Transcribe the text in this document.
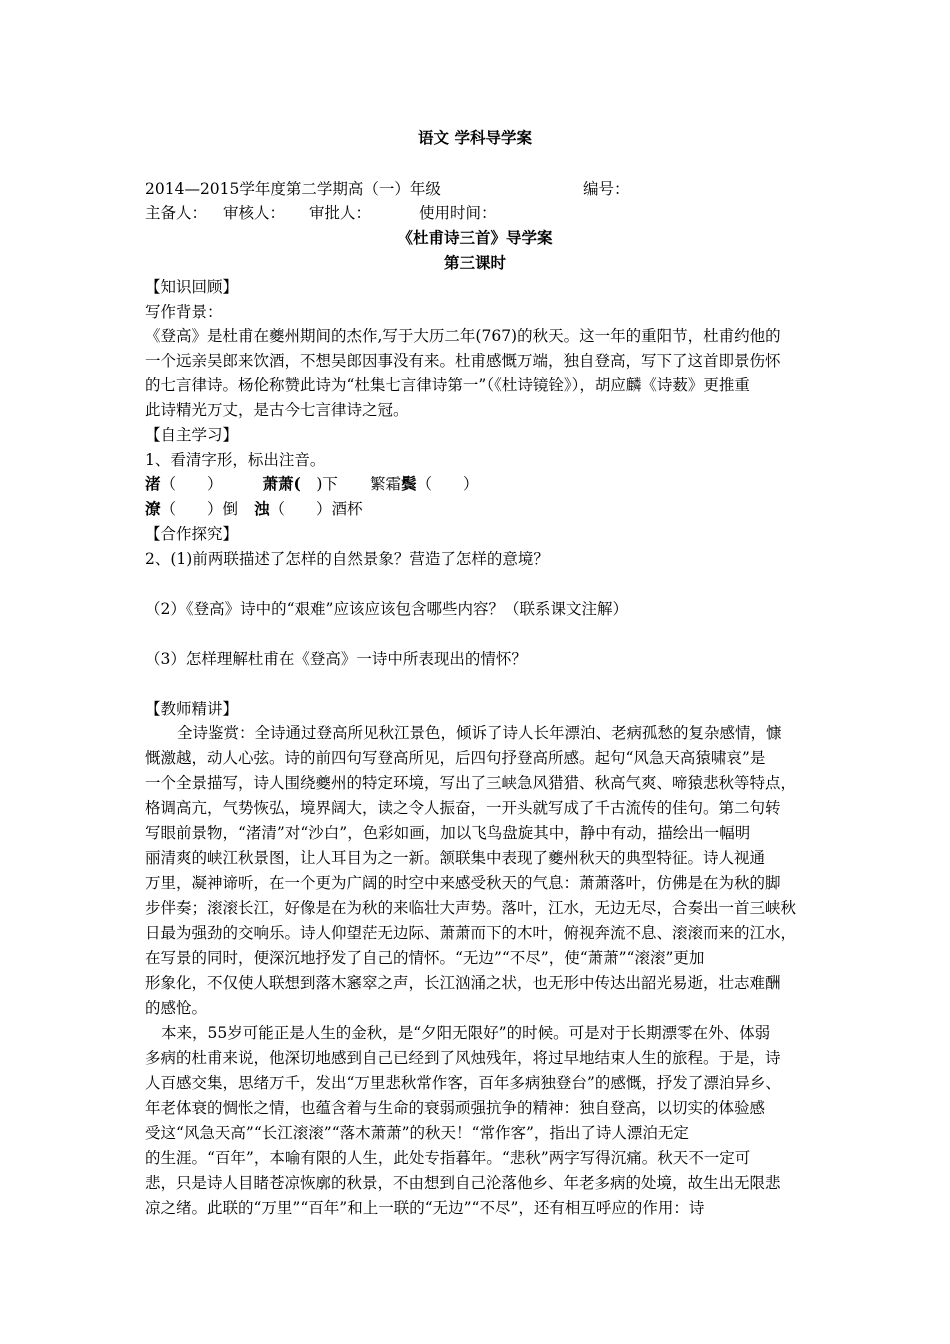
语文 学科导学案
2014—2015学年度第二学期高（一）年级	编号：
主备人： 审核人： 审批人：	使用时间：
《杜甫诗三首》导学案
第三课时
【知识回顾】
写作背景：
《登高》是杜甫在夔州期间的杰作,写于大历二年(767)的秋天。这一年的重阳节，杜甫约他的
一个远亲吴郎来饮酒，不想吴郎因事没有来。杜甫感慨万端，独自登高，写下了这首即景伤怀
的七言律诗。杨伦称赞此诗为“杜集七言律诗第一”（《杜诗镜铨》），胡应麟《诗薮》更推重
此诗精光万丈，是古今七言律诗之冠。
【自主学习】
1、看清字形，标出注音。
渚（　　）	萧萧(　)下 繁霜鬓（　　）
潦（　　）倒 浊（　　）酒杯
【合作探究】
2、(1)前两联描述了怎样的自然景象？营造了怎样的意境？
（2）《登高》诗中的“艰难”应该应该包含哪些内容？（联系课文注解）
（3）怎样理解杜甫在《登高》一诗中所表现出的情怀？
【教师精讲】
全诗鉴赏：全诗通过登高所见秋江景色，倾诉了诗人长年漂泊、老病孤愁的复杂感情，慷
慨激越，动人心弦。诗的前四句写登高所见，后四句抒登高所感。起句“风急天高猿啸哀”是
一个全景描写，诗人围绕夔州的特定环境，写出了三峡急风猎猎、秋高气爽、啼猿悲秋等特点，
格调高亢，气势恢弘，境界阔大，读之令人振奋，一开头就写成了千古流传的佳句。第二句转
写眼前景物，“渚清”对“沙白”，色彩如画，加以飞鸟盘旋其中，静中有动，描绘出一幅明
丽清爽的峡江秋景图，让人耳目为之一新。颔联集中表现了夔州秋天的典型特征。诗人视通
万里，凝神谛听，在一个更为广阔的时空中来感受秋天的气息：萧萧落叶，仿佛是在为秋的脚
步伴奏；滚滚长江，好像是在为秋的来临壮大声势。落叶，江水，无边无尽，合奏出一首三峡秋
日最为强劲的交响乐。诗人仰望茫无边际、萧萧而下的木叶，俯视奔流不息、滚滚而来的江水，
在写景的同时，便深沉地抒发了自己的情怀。“无边”“不尽”，使“萧萧”“滚滚”更加
形象化，不仅使人联想到落木窸窣之声，长江汹涌之状，也无形中传达出韶光易逝，壮志难酬
的感怆。
本来，55岁可能正是人生的金秋，是“夕阳无限好”的时候。可是对于长期漂零在外、体弱
多病的杜甫来说，他深切地感到自己已经到了风烛残年，将过早地结束人生的旅程。于是，诗
人百感交集，思绪万千，发出“万里悲秋常作客，百年多病独登台”的感慨，抒发了漂泊异乡、
年老体衰的惆怅之情，也蕴含着与生命的衰弱顽强抗争的精神：独自登高，以切实的体验感
受这“风急天高”“长江滚滚”“落木萧萧”的秋天！“常作客”，指出了诗人漂泊无定
的生涯。“百年”，本喻有限的人生，此处专指暮年。“悲秋”两字写得沉痛。秋天不一定可
悲，只是诗人目睹苍凉恢廓的秋景，不由想到自己沦落他乡、年老多病的处境，故生出无限悲
凉之绪。此联的“万里”“百年”和上一联的“无边”“不尽”，还有相互呼应的作用：诗
